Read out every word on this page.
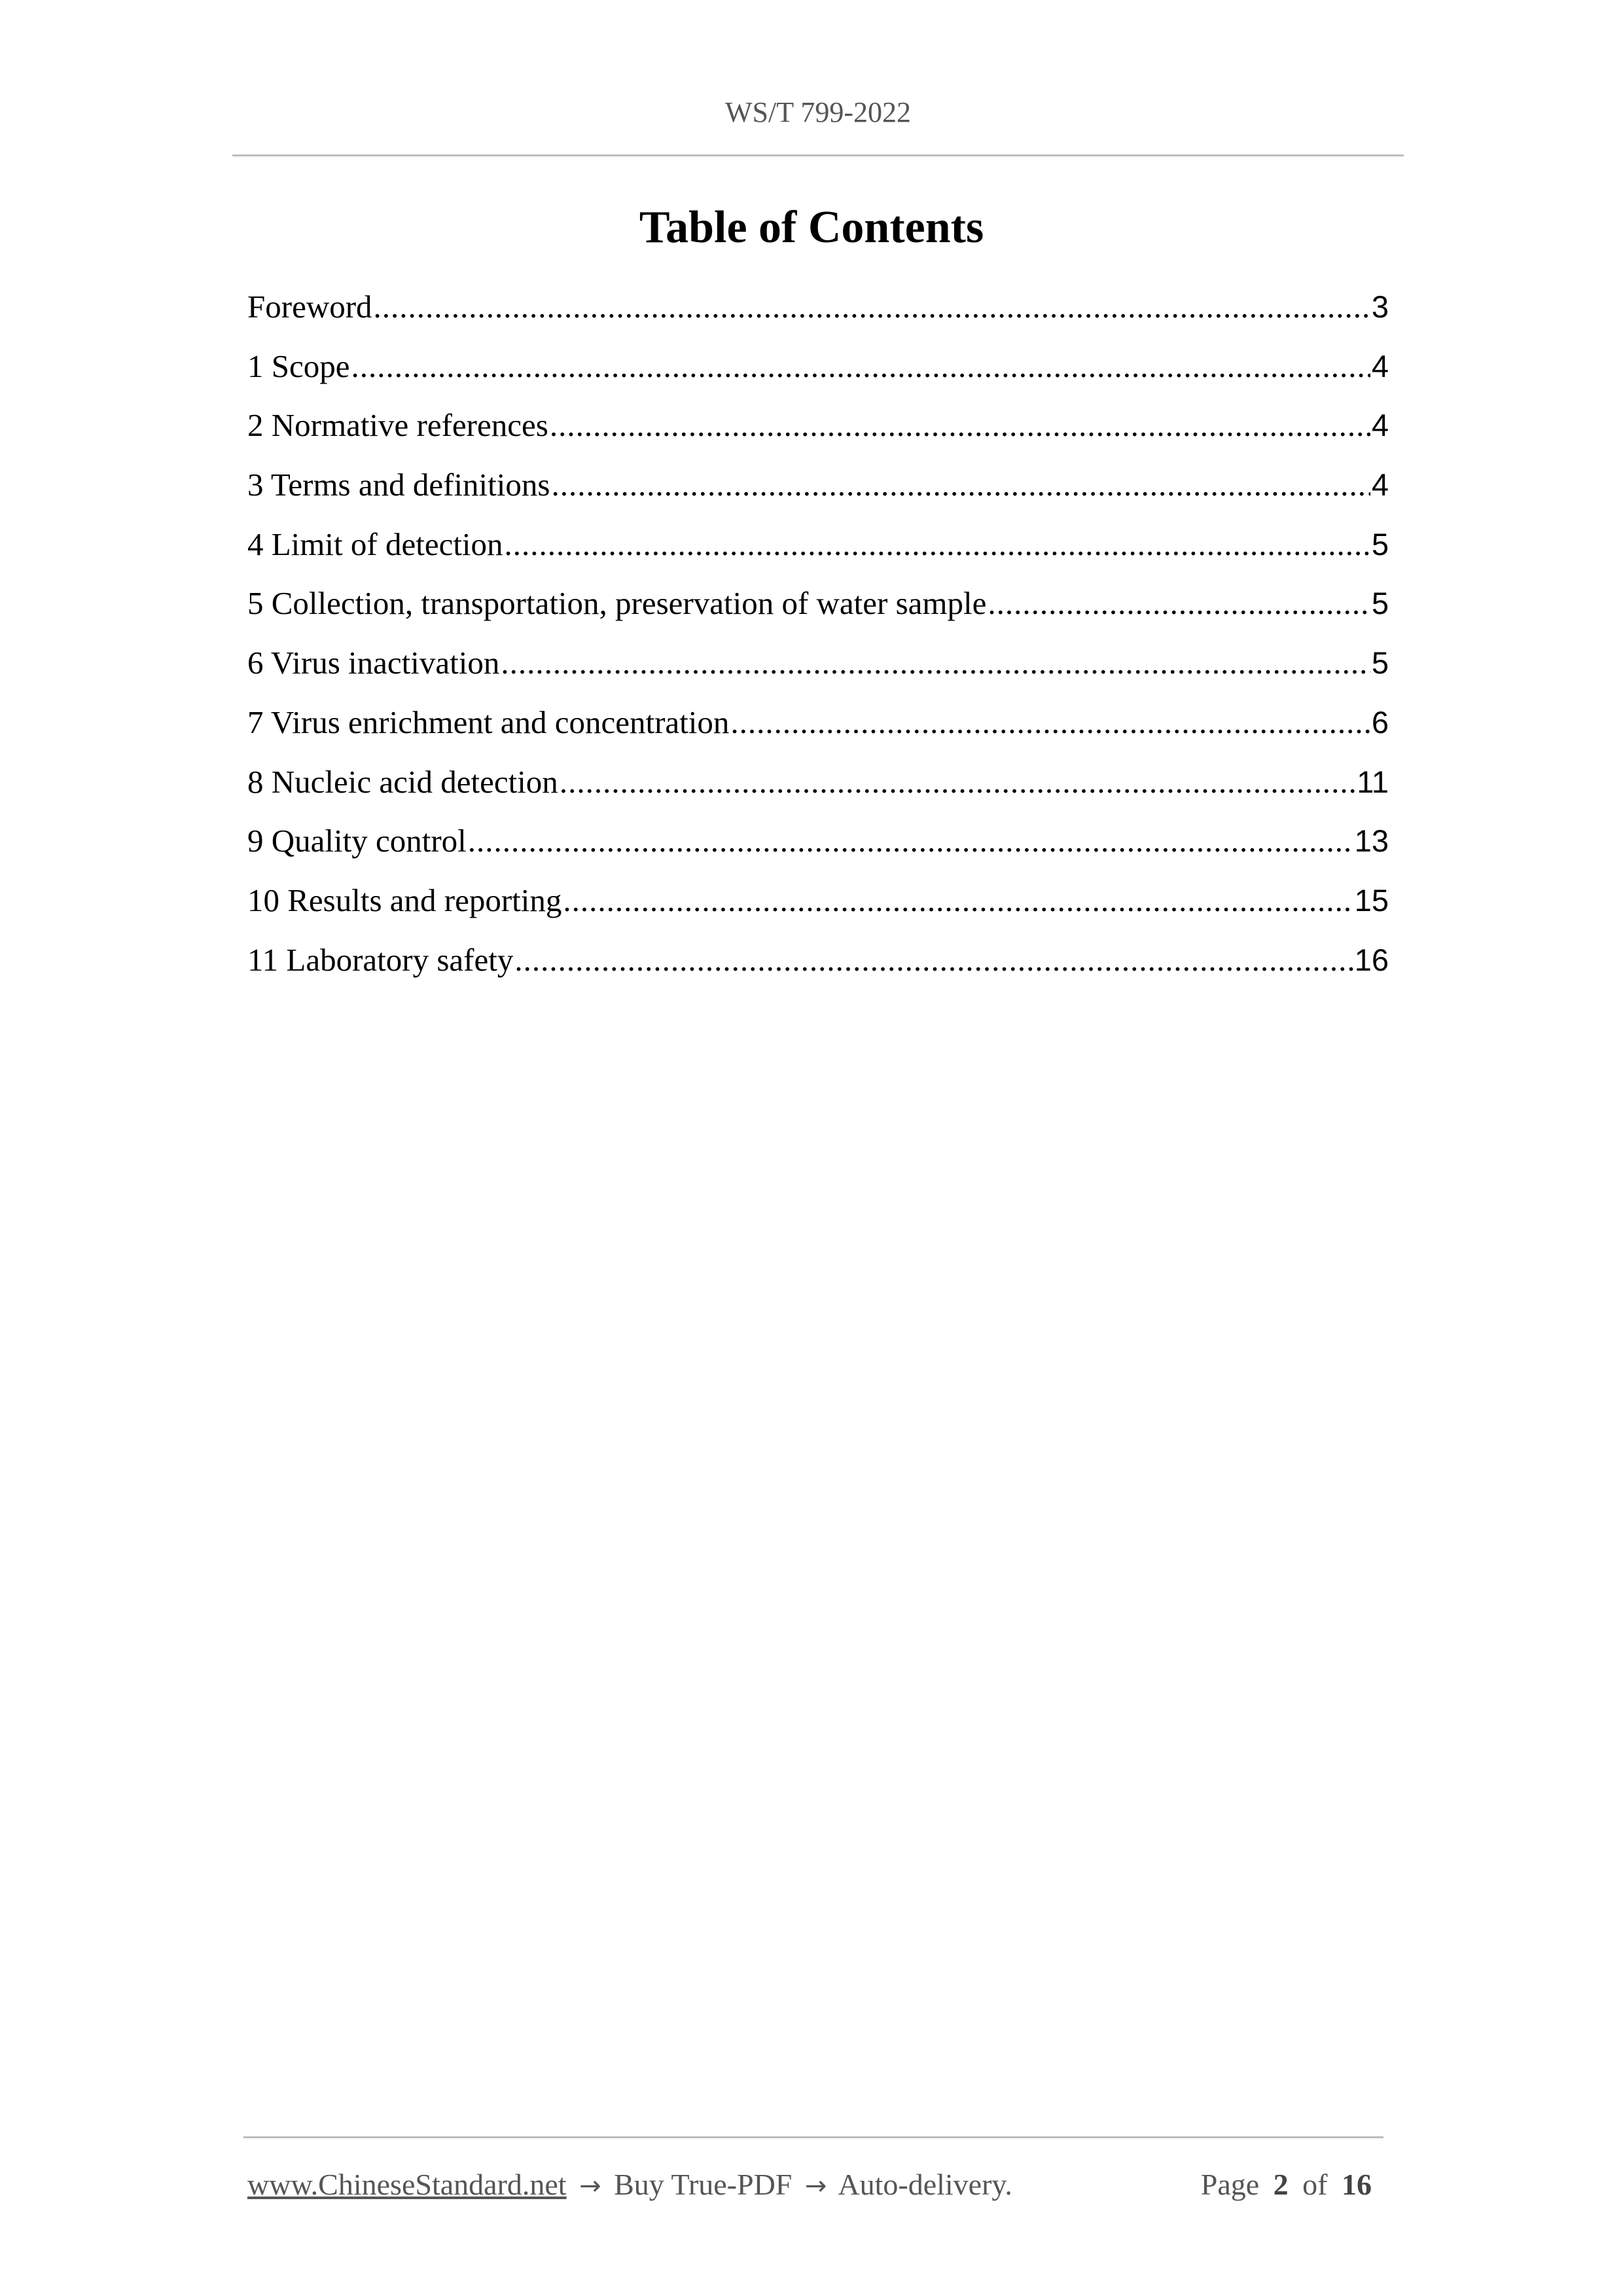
WS/T 799-2022
Table of Contents
Foreword .....	3
1 Scope .....	4
2 Normative references .....	4
3 Terms and definitions .....	4
4 Limit of detection .....	5
5 Collection, transportation, preservation of water sample .....	5
6 Virus inactivation .....	5
7 Virus enrichment and concentration .....	6
8 Nucleic acid detection .....	11
9 Quality control .....	13
10 Results and reporting .....	15
11 Laboratory safety .....	16
www.ChineseStandard.net → Buy True-PDF → Auto-delivery.	Page 2 of 16
